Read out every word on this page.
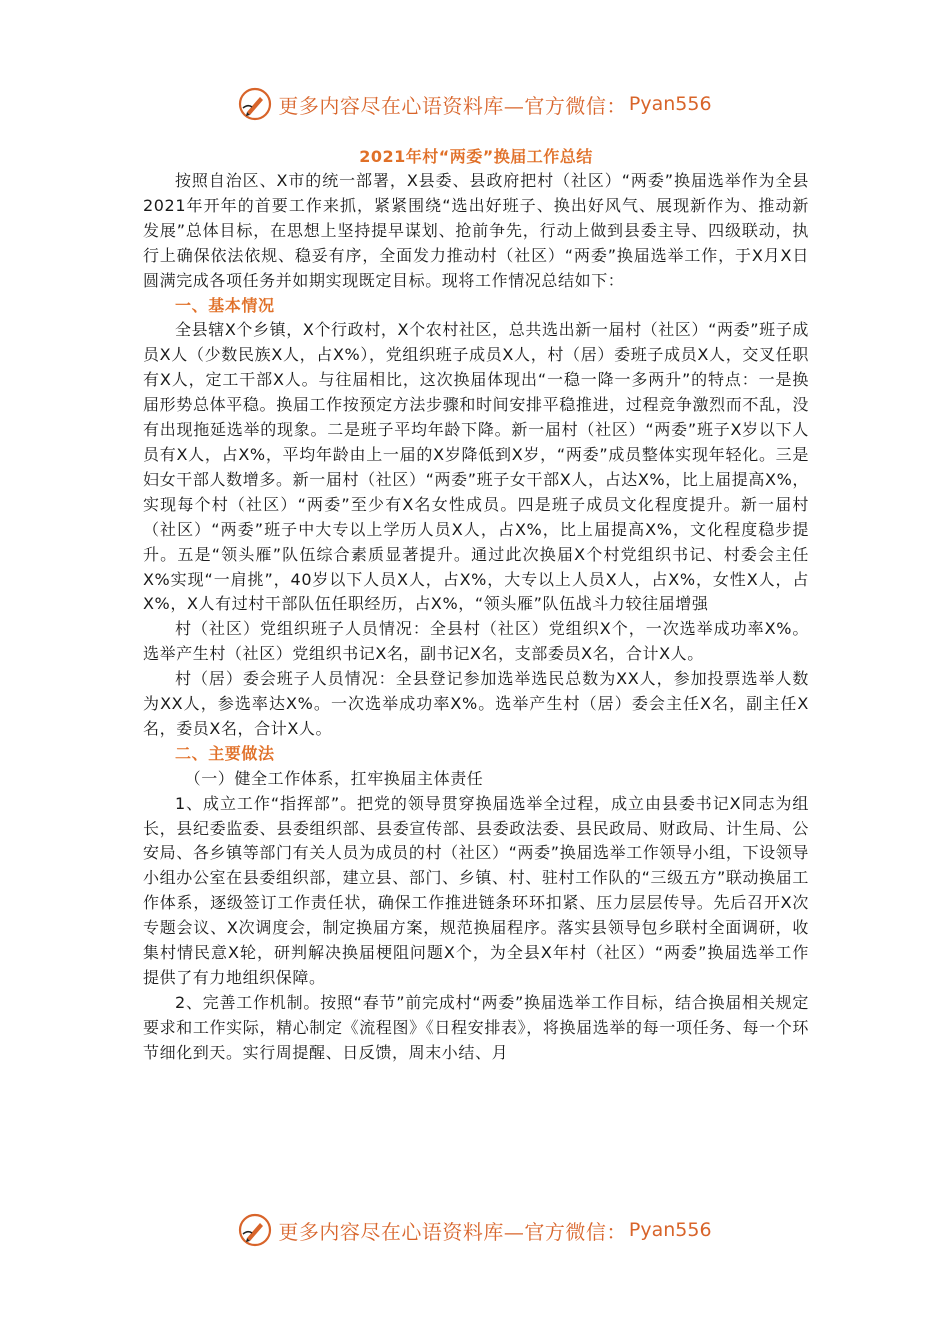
更多内容尽在心语资料库—官方微信： Pyan556
2021年村“两委”换届工作总结

按照自治区、X市的统一部署，X县委、县政府把村（社区）“两委”换届选举作为全县2021年开年的首要工作来抓，紧紧围绕“选出好班子、换出好风气、展现新作为、推动新发展”总体目标，在思想上坚持提早谋划、抢前争先，行动上做到县委主导、四级联动，执行上确保依法依规、稳妥有序，全面发力推动村（社区）“两委”换届选举工作，于X月X日圆满完成各项任务并如期实现既定目标。现将工作情况总结如下：

一、基本情况

全县辖X个乡镇，X个行政村，X个农村社区，总共选出新一届村（社区）“两委”班子成员X人（少数民族X人，占X%），党组织班子成员X人，村（居）委班子成员X人，交叉任职有X人，定工干部X人。与往届相比，这次换届体现出“一稳一降一多两升”的特点：一是换届形势总体平稳。换届工作按预定方法步骤和时间安排平稳推进，过程竞争激烈而不乱，没有出现拖延选举的现象。二是班子平均年龄下降。新一届村（社区）“两委”班子X岁以下人员有X人，占X%，平均年龄由上一届的X岁降低到X岁，“两委”成员整体实现年轻化。三是妇女干部人数增多。新一届村（社区）“两委”班子女干部X人，占达X%，比上届提高X%，实现每个村（社区）“两委”至少有X名女性成员。四是班子成员文化程度提升。新一届村（社区）“两委”班子中大专以上学历人员X人，占X%，比上届提高X%，文化程度稳步提升。五是“领头雁”队伍综合素质显著提升。通过此次换届X个村党组织书记、村委会主任X%实现“一肩挑”，40岁以下人员X人，占X%，大专以上人员X人，占X%，女性X人，占X%，X人有过村干部队伍任职经历，占X%，“领头雁”队伍战斗力较往届增强

村（社区）党组织班子人员情况：全县村（社区）党组织X个，一次选举成功率X%。选举产生村（社区）党组织书记X名，副书记X名，支部委员X名，合计X人。

村（居）委会班子人员情况：全县登记参加选举选民总数为XX人，参加投票选举人数为XX人，参选率达X%。一次选举成功率X%。选举产生村（居）委会主任X名，副主任X名，委员X名，合计X人。

二、主要做法

（一）健全工作体系，扛牢换届主体责任

1、成立工作“指挥部”。把党的领导贯穿换届选举全过程，成立由县委书记X同志为组长，县纪委监委、县委组织部、县委宣传部、县委政法委、县民政局、财政局、计生局、公安局、各乡镇等部门有关人员为成员的村（社区）“两委”换届选举工作领导小组，下设领导小组办公室在县委组织部，建立县、部门、乡镇、村、驻村工作队的“三级五方”联动换届工作体系，逐级签订工作责任状，确保工作推进链条环环扣紧、压力层层传导。先后召开X次专题会议、X次调度会，制定换届方案，规范换届程序。落实县领导包乡联村全面调研，收集村情民意X轮，研判解决换届梗阻问题X个，为全县X年村（社区）“两委”换届选举工作提供了有力地组织保障。

2、完善工作机制。按照“春节”前完成村“两委”换届选举工作目标，结合换届相关规定要求和工作实际，精心制定《流程图》《日程安排表》，将换届选举的每一项任务、每一个环节细化到天。实行周提醒、日反馈，周末小结、月

更多内容尽在心语资料库—官方微信： Pyan556
